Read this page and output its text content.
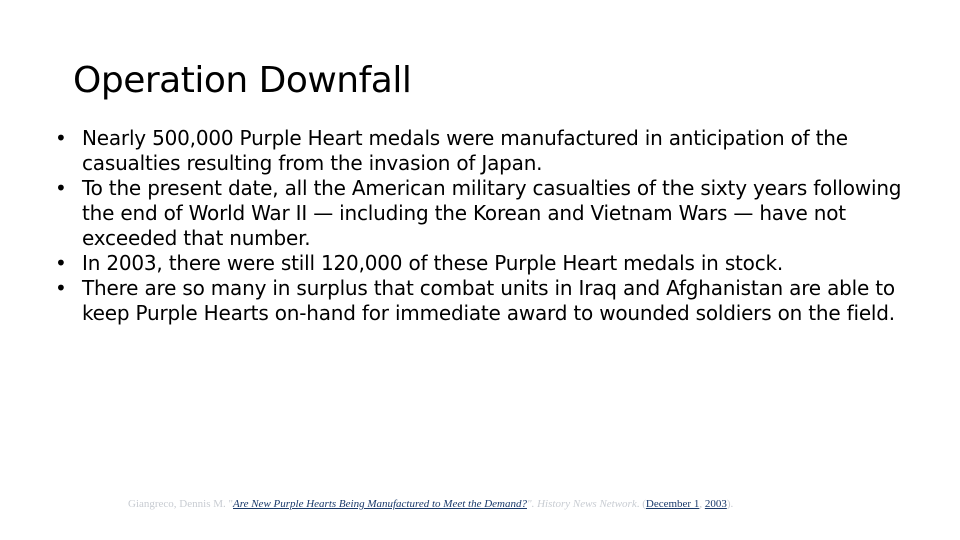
Operation Downfall
• Nearly 500,000 Purple Heart medals were manufactured in anticipation of the casualties resulting from the invasion of Japan.
• To the present date, all the American military casualties of the sixty years following the end of World War II — including the Korean and Vietnam Wars — have not exceeded that number.
• In 2003, there were still 120,000 of these Purple Heart medals in stock.
• There are so many in surplus that combat units in Iraq and Afghanistan are able to keep Purple Hearts on-hand for immediate award to wounded soldiers on the field.
Giangreco, Dennis M. "Are New Purple Hearts Being Manufactured to Meet the Demand?". History News Network. (December 1, 2003).
